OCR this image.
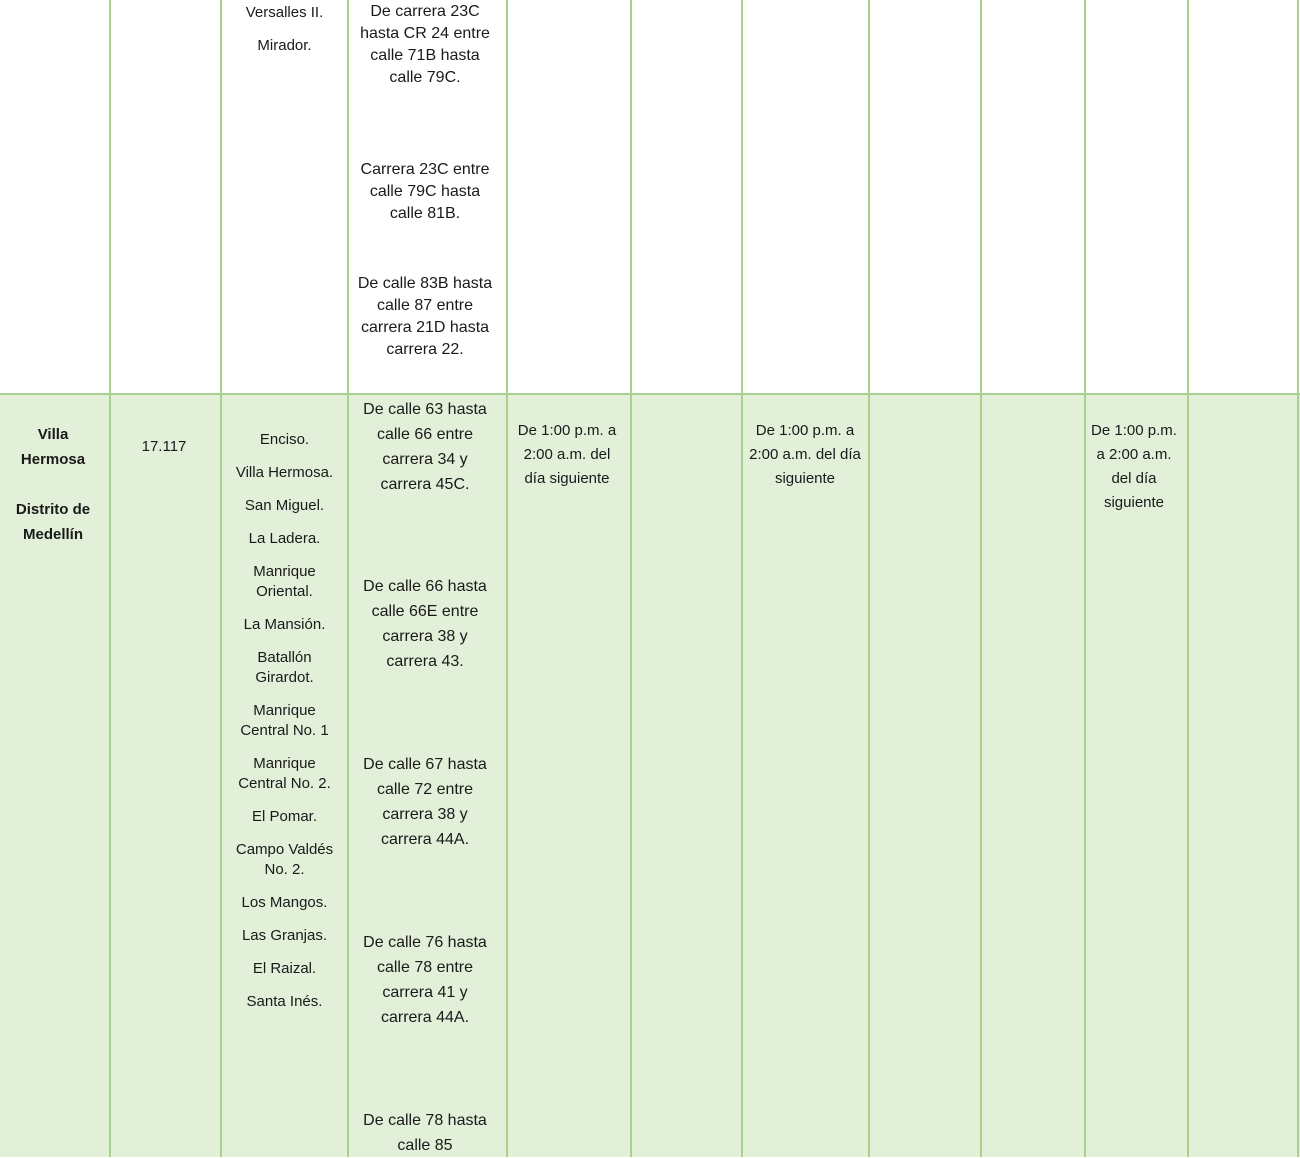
Versalles II.
Mirador.
De carrera 23C hasta CR 24 entre calle 71B hasta calle 79C.
Carrera 23C entre calle 79C hasta calle 81B.
De calle 83B hasta calle 87 entre carrera 21D hasta carrera 22.
Villa Hermosa
Distrito de Medellín
17.117	Enciso.
Villa Hermosa.
San Miguel.
La Ladera.
Manrique Oriental.
La Mansión.
Batallón Girardot.
Manrique Central No. 1
Manrique Central No. 2.
El Pomar.
Campo Valdés No. 2.
Los Mangos.
Las Granjas.
El Raizal.
Santa Inés.
De calle 63 hasta calle 66 entre carrera 34 y carrera 45C.
De calle 66 hasta calle 66E entre carrera 38 y carrera 43.
De calle 67 hasta calle 72 entre carrera 38 y carrera 44A.
De calle 76 hasta calle 78 entre carrera 41 y carrera 44A.
De calle 78 hasta calle 85
De 1:00 p.m. a 2:00 a.m. del día siguiente
De 1:00 p.m. a 2:00 a.m. del día siguiente
De 1:00 p.m. a 2:00 a.m. del día siguiente
